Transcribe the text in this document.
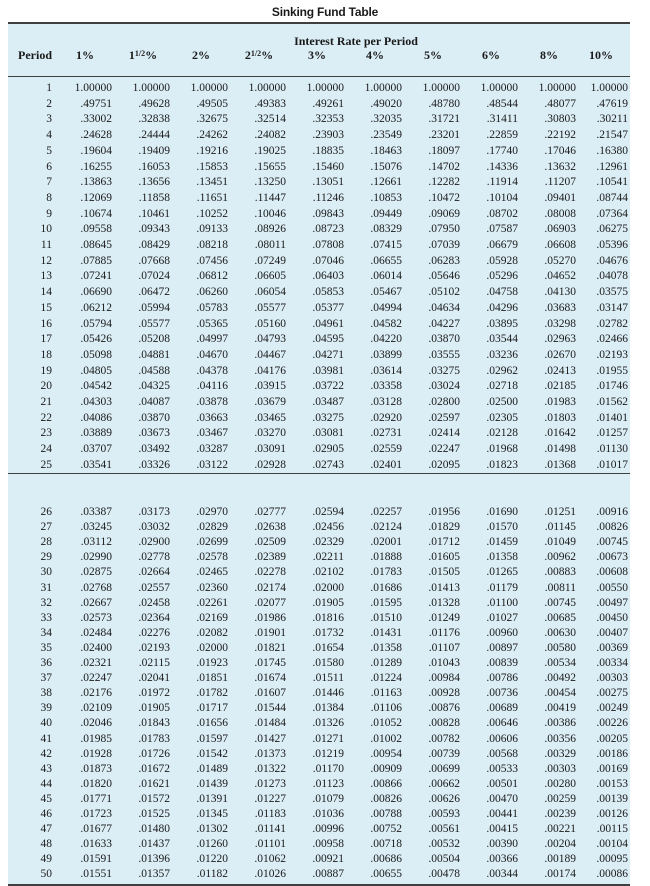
Sinking Fund Table
Interest Rate per Period
Period	1%	11/2%	2%	21/2%	3%	4%	5%	6%	8%	10%
1	1.00000	1.00000	1.00000	1.00000	1.00000	1.00000	1.00000	1.00000	1.00000	1.00000
2	.49751	.49628	.49505	.49383	.49261	.49020	.48780	.48544	.48077	.47619
3	.33002	.32838	.32675	.32514	.32353	.32035	.31721	.31411	.30803	.30211
4	.24628	.24444	.24262	.24082	.23903	.23549	.23201	.22859	.22192	.21547
5	.19604	.19409	.19216	.19025	.18835	.18463	.18097	.17740	.17046	.16380
6	.16255	.16053	.15853	.15655	.15460	.15076	.14702	.14336	.13632	.12961
7	.13863	.13656	.13451	.13250	.13051	.12661	.12282	.11914	.11207	.10541
8	.12069	.11858	.11651	.11447	.11246	.10853	.10472	.10104	.09401	.08744
9	.10674	.10461	.10252	.10046	.09843	.09449	.09069	.08702	.08008	.07364
10	.09558	.09343	.09133	.08926	.08723	.08329	.07950	.07587	.06903	.06275
11	.08645	.08429	.08218	.08011	.07808	.07415	.07039	.06679	.06608	.05396
12	.07885	.07668	.07456	.07249	.07046	.06655	.06283	.05928	.05270	.04676
13	.07241	.07024	.06812	.06605	.06403	.06014	.05646	.05296	.04652	.04078
14	.06690	.06472	.06260	.06054	.05853	.05467	.05102	.04758	.04130	.03575
15	.06212	.05994	.05783	.05577	.05377	.04994	.04634	.04296	.03683	.03147
16	.05794	.05577	.05365	.05160	.04961	.04582	.04227	.03895	.03298	.02782
17	.05426	.05208	.04997	.04793	.04595	.04220	.03870	.03544	.02963	.02466
18	.05098	.04881	.04670	.04467	.04271	.03899	.03555	.03236	.02670	.02193
19	.04805	.04588	.04378	.04176	.03981	.03614	.03275	.02962	.02413	.01955
20	.04542	.04325	.04116	.03915	.03722	.03358	.03024	.02718	.02185	.01746
21	.04303	.04087	.03878	.03679	.03487	.03128	.02800	.02500	.01983	.01562
22	.04086	.03870	.03663	.03465	.03275	.02920	.02597	.02305	.01803	.01401
23	.03889	.03673	.03467	.03270	.03081	.02731	.02414	.02128	.01642	.01257
24	.03707	.03492	.03287	.03091	.02905	.02559	.02247	.01968	.01498	.01130
25	.03541	.03326	.03122	.02928	.02743	.02401	.02095	.01823	.01368	.01017
26	.03387	.03173	.02970	.02777	.02594	.02257	.01956	.01690	.01251	.00916
27	.03245	.03032	.02829	.02638	.02456	.02124	.01829	.01570	.01145	.00826
28	.03112	.02900	.02699	.02509	.02329	.02001	.01712	.01459	.01049	.00745
29	.02990	.02778	.02578	.02389	.02211	.01888	.01605	.01358	.00962	.00673
30	.02875	.02664	.02465	.02278	.02102	.01783	.01505	.01265	.00883	.00608
31	.02768	.02557	.02360	.02174	.02000	.01686	.01413	.01179	.00811	.00550
32	.02667	.02458	.02261	.02077	.01905	.01595	.01328	.01100	.00745	.00497
33	.02573	.02364	.02169	.01986	.01816	.01510	.01249	.01027	.00685	.00450
34	.02484	.02276	.02082	.01901	.01732	.01431	.01176	.00960	.00630	.00407
35	.02400	.02193	.02000	.01821	.01654	.01358	.01107	.00897	.00580	.00369
36	.02321	.02115	.01923	.01745	.01580	.01289	.01043	.00839	.00534	.00334
37	.02247	.02041	.01851	.01674	.01511	.01224	.00984	.00786	.00492	.00303
38	.02176	.01972	.01782	.01607	.01446	.01163	.00928	.00736	.00454	.00275
39	.02109	.01905	.01717	.01544	.01384	.01106	.00876	.00689	.00419	.00249
40	.02046	.01843	.01656	.01484	.01326	.01052	.00828	.00646	.00386	.00226
41	.01985	.01783	.01597	.01427	.01271	.01002	.00782	.00606	.00356	.00205
42	.01928	.01726	.01542	.01373	.01219	.00954	.00739	.00568	.00329	.00186
43	.01873	.01672	.01489	.01322	.01170	.00909	.00699	.00533	.00303	.00169
44	.01820	.01621	.01439	.01273	.01123	.00866	.00662	.00501	.00280	.00153
45	.01771	.01572	.01391	.01227	.01079	.00826	.00626	.00470	.00259	.00139
46	.01723	.01525	.01345	.01183	.01036	.00788	.00593	.00441	.00239	.00126
47	.01677	.01480	.01302	.01141	.00996	.00752	.00561	.00415	.00221	.00115
48	.01633	.01437	.01260	.01101	.00958	.00718	.00532	.00390	.00204	.00104
49	.01591	.01396	.01220	.01062	.00921	.00686	.00504	.00366	.00189	.00095
50	.01551	.01357	.01182	.01026	.00887	.00655	.00478	.00344	.00174	.00086
